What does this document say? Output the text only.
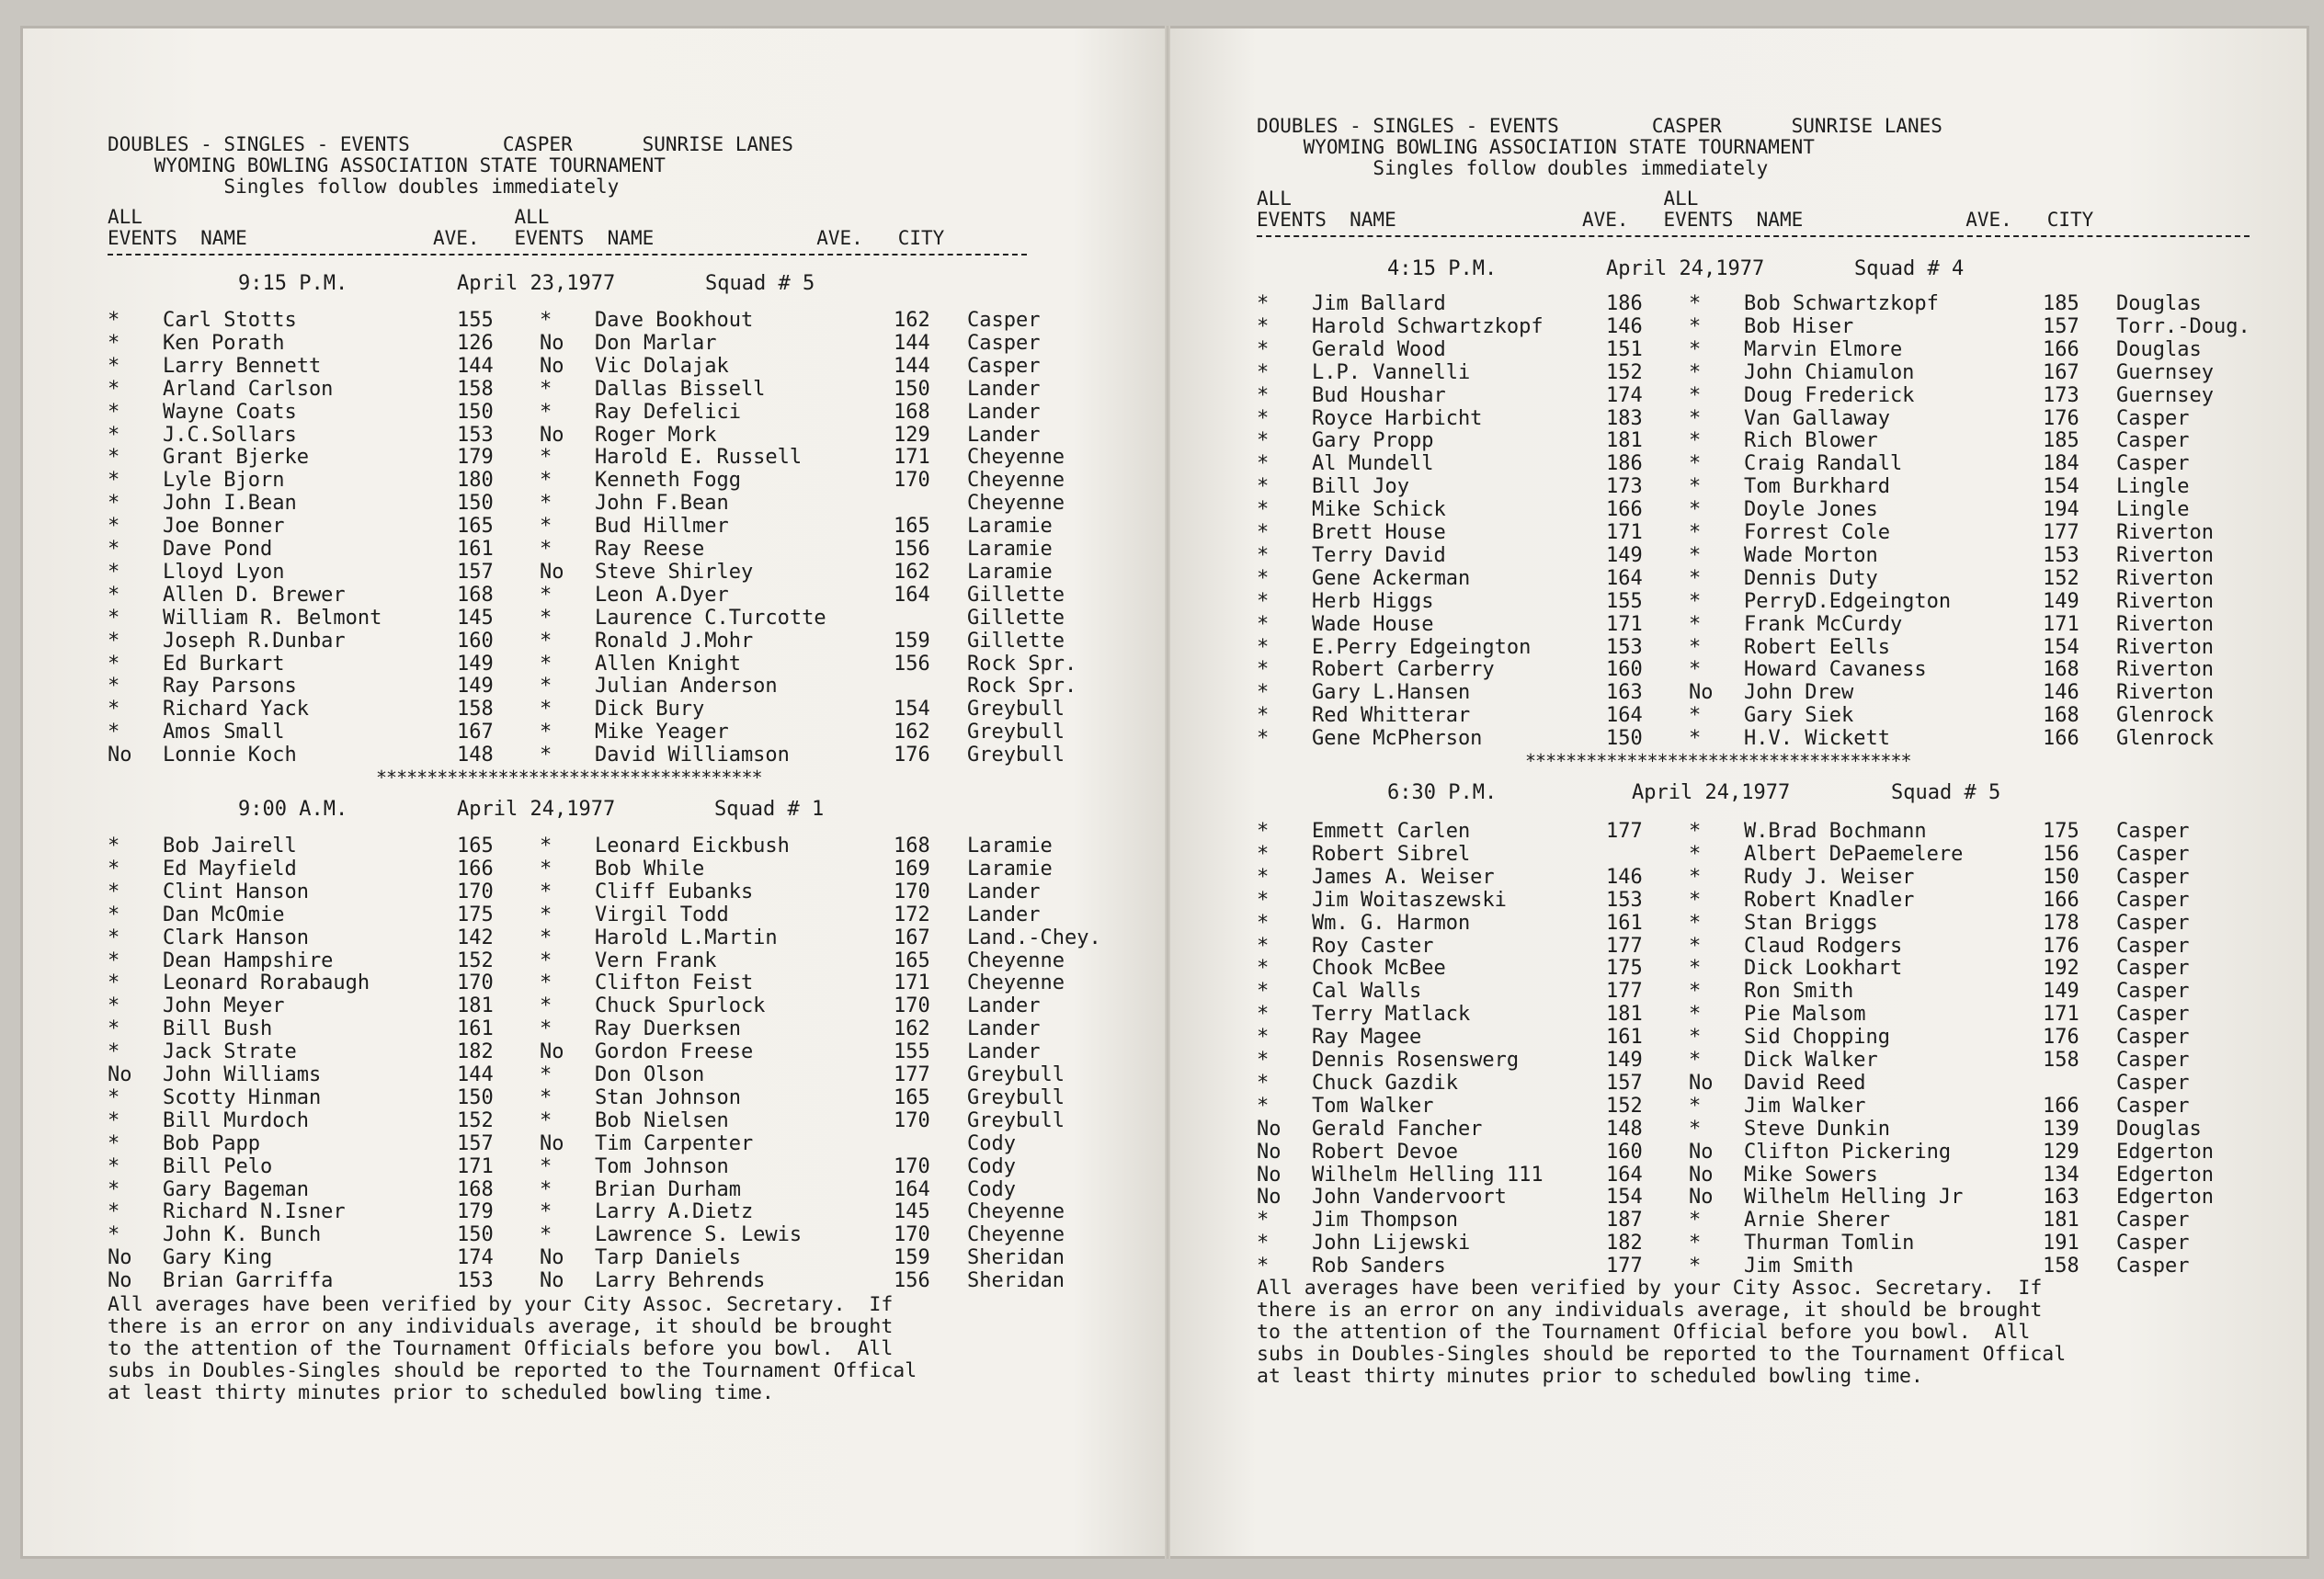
DOUBLES - SINGLES - EVENTS        CASPER      SUNRISE LANES
WYOMING BOWLING ASSOCIATION STATE TOURNAMENT
Singles follow doubles immediately
ALL                                ALL
EVENTS  NAME                AVE.   EVENTS  NAME              AVE.   CITY
9:15 P.M.	April 23,1977	Squad # 5
* Carl Stotts	155 * Dave Bookhout	162 Casper
* Ken Porath	126 No Don Marlar	144 Casper
* Larry Bennett	144 No Vic Dolajak	144 Casper
* Arland Carlson	158 * Dallas Bissell	150 Lander
* Wayne Coats	150 * Ray Defelici	168 Lander
* J.C.Sollars	153 No Roger Mork	129 Lander
* Grant Bjerke	179 * Harold E. Russell	171 Cheyenne
* Lyle Bjorn	180 * Kenneth Fogg	170 Cheyenne
* John I.Bean	150 * John F.Bean	Cheyenne
* Joe Bonner	165 * Bud Hillmer	165 Laramie
* Dave Pond	161 * Ray Reese	156 Laramie
* Lloyd Lyon	157 No Steve Shirley	162 Laramie
* Allen D. Brewer	168 * Leon A.Dyer	164 Gillette
* William R. Belmont	145 * Laurence C.Turcotte	Gillette
* Joseph R.Dunbar	160 * Ronald J.Mohr	159 Gillette
* Ed Burkart	149 * Allen Knight	156 Rock Spr.
* Ray Parsons	149 * Julian Anderson	Rock Spr.
* Richard Yack	158 * Dick Bury	154 Greybull
* Amos Small	167 * Mike Yeager	162 Greybull
No Lonnie Koch	148 * David Williamson	176 Greybull
**************************************
9:00 A.M.	April 24,1977	Squad # 1
* Bob Jairell	165 * Leonard Eickbush	168 Laramie
* Ed Mayfield	166 * Bob While	169 Laramie
* Clint Hanson	170 * Cliff Eubanks	170 Lander
* Dan McOmie	175 * Virgil Todd	172 Lander
* Clark Hanson	142 * Harold L.Martin	167 Land.-Chey.
* Dean Hampshire	152 * Vern Frank	165 Cheyenne
* Leonard Rorabaugh	170 * Clifton Feist	171 Cheyenne
* John Meyer	181 * Chuck Spurlock	170 Lander
* Bill Bush	161 * Ray Duerksen	162 Lander
* Jack Strate	182 No Gordon Freese	155 Lander
No John Williams	144 * Don Olson	177 Greybull
* Scotty Hinman	150 * Stan Johnson	165 Greybull
* Bill Murdoch	152 * Bob Nielsen	170 Greybull
* Bob Papp	157 No Tim Carpenter	Cody
* Bill Pelo	171 * Tom Johnson	170 Cody
* Gary Bageman	168 * Brian Durham	164 Cody
* Richard N.Isner	179 * Larry A.Dietz	145 Cheyenne
* John K. Bunch	150 * Lawrence S. Lewis	170 Cheyenne
No Gary King	174 No Tarp Daniels	159 Sheridan
No Brian Garriffa	153 No Larry Behrends	156 Sheridan
All averages have been verified by your City Assoc. Secretary.  If
there is an error on any individuals average, it should be brought
to the attention of the Tournament Officials before you bowl.  All
subs in Doubles-Singles should be reported to the Tournament Offical
at least thirty minutes prior to scheduled bowling time.
DOUBLES - SINGLES - EVENTS        CASPER      SUNRISE LANES
WYOMING BOWLING ASSOCIATION STATE TOURNAMENT
Singles follow doubles immediately
ALL                                ALL
EVENTS  NAME                AVE.   EVENTS  NAME              AVE.   CITY
4:15 P.M.	April 24,1977	Squad # 4
* Jim Ballard	186 * Bob Schwartzkopf	185 Douglas
* Harold Schwartzkopf	146 * Bob Hiser	157 Torr.-Doug.
* Gerald Wood	151 * Marvin Elmore	166 Douglas
* L.P. Vannelli	152 * John Chiamulon	167 Guernsey
* Bud Houshar	174 * Doug Frederick	173 Guernsey
* Royce Harbicht	183 * Van Gallaway	176 Casper
* Gary Propp	181 * Rich Blower	185 Casper
* Al Mundell	186 * Craig Randall	184 Casper
* Bill Joy	173 * Tom Burkhard	154 Lingle
* Mike Schick	166 * Doyle Jones	194 Lingle
* Brett House	171 * Forrest Cole	177 Riverton
* Terry David	149 * Wade Morton	153 Riverton
* Gene Ackerman	164 * Dennis Duty	152 Riverton
* Herb Higgs	155 * PerryD.Edgeington	149 Riverton
* Wade House	171 * Frank McCurdy	171 Riverton
* E.Perry Edgeington	153 * Robert Eells	154 Riverton
* Robert Carberry	160 * Howard Cavaness	168 Riverton
* Gary L.Hansen	163 No John Drew	146 Riverton
* Red Whitterar	164 * Gary Siek	168 Glenrock
* Gene McPherson	150 * H.V. Wickett	166 Glenrock
**************************************
6:30 P.M.	April 24,1977	Squad # 5
* Emmett Carlen	177 * W.Brad Bochmann	175 Casper
* Robert Sibrel	* Albert DePaemelere	156 Casper
* James A. Weiser	146 * Rudy J. Weiser	150 Casper
* Jim Woitaszewski	153 * Robert Knadler	166 Casper
* Wm. G. Harmon	161 * Stan Briggs	178 Casper
* Roy Caster	177 * Claud Rodgers	176 Casper
* Chook McBee	175 * Dick Lookhart	192 Casper
* Cal Walls	177 * Ron Smith	149 Casper
* Terry Matlack	181 * Pie Malsom	171 Casper
* Ray Magee	161 * Sid Chopping	176 Casper
* Dennis Rosenswerg	149 * Dick Walker	158 Casper
* Chuck Gazdik	157 No David Reed	Casper
* Tom Walker	152 * Jim Walker	166 Casper
No Gerald Fancher	148 * Steve Dunkin	139 Douglas
No Robert Devoe	160 No Clifton Pickering	129 Edgerton
No Wilhelm Helling 111	164 No Mike Sowers	134 Edgerton
No John Vandervoort	154 No Wilhelm Helling Jr	163 Edgerton
* Jim Thompson	187 * Arnie Sherer	181 Casper
* John Lijewski	182 * Thurman Tomlin	191 Casper
* Rob Sanders	177 * Jim Smith	158 Casper
All averages have been verified by your City Assoc. Secretary.  If
there is an error on any individuals average, it should be brought
to the attention of the Tournament Official before you bowl.  All
subs in Doubles-Singles should be reported to the Tournament Offical
at least thirty minutes prior to scheduled bowling time.
